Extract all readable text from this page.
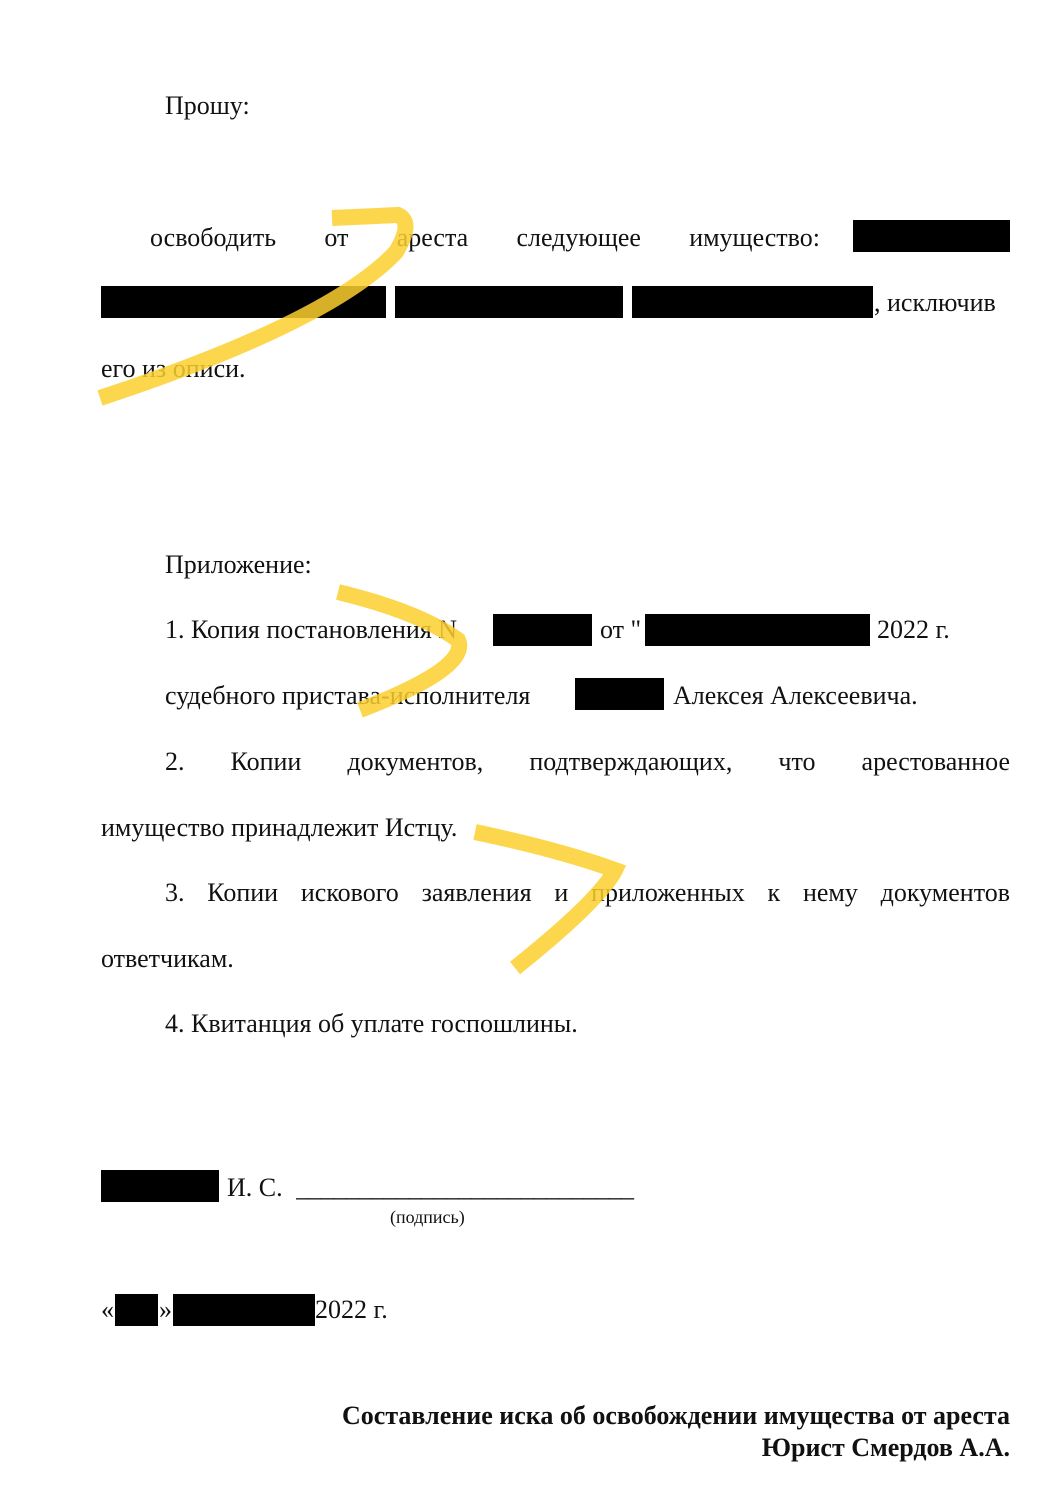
Прошу:
освободить от ареста следующее имущество:
, исключив
его из описи.
Приложение:
1. Копия постановления N	от "	2022 г.
судебного пристава-исполнителя	Алексея Алексеевича.
2. Копии документов, подтверждающих, что арестованное
имущество принадлежит Истцу.
3. Копии искового заявления и приложенных к нему документов
ответчикам.
4. Квитанция об уплате госпошлины.
И. С. ___________________________
(подпись)
« »	2022 г.
Составление иска об освобождении имущества от ареста
Юрист Смердов А.А.
